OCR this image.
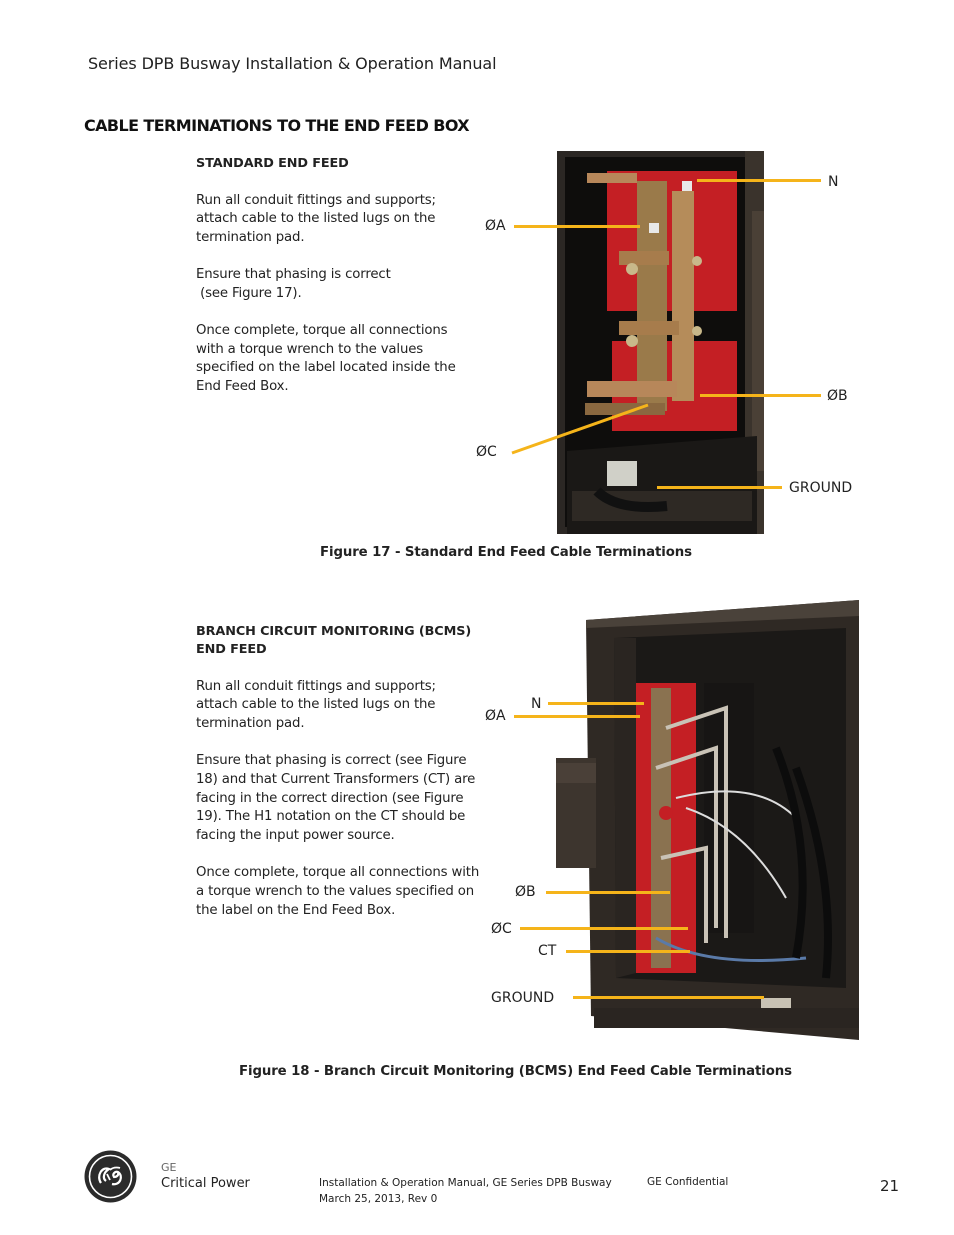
Series DPB Busway Installation & Operation Manual
CABLE TERMINATIONS TO THE END FEED BOX
STANDARD END FEED

Run all conduit fittings and supports; attach cable to the listed lugs on the termination pad.

Ensure that phasing is correct
(see Figure 17).

Once complete, torque all connections with a torque wrench to the values specified on the label located inside the End Feed Box.

N
ØA
ØB
ØC
GROUND
Figure 17 - Standard End Feed Cable Terminations
BRANCH CIRCUIT MONITORING (BCMS)
END FEED

Run all conduit fittings and supports; attach cable to the listed lugs on the termination pad.

Ensure that phasing is correct (see Figure 18) and that Current Transformers (CT) are facing in the correct direction (see Figure 19). The H1 notation on the CT should be facing the input power source.

Once complete, torque all connections with a torque wrench to the values specified on the label on the End Feed Box.

N
ØA
ØB
ØC
CT
GROUND
Figure 18 - Branch Circuit Monitoring (BCMS) End Feed Cable Terminations
GE
Critical Power	Installation & Operation Manual, GE Series DPB Busway
March 25, 2013, Rev 0
GE Confidential	21
